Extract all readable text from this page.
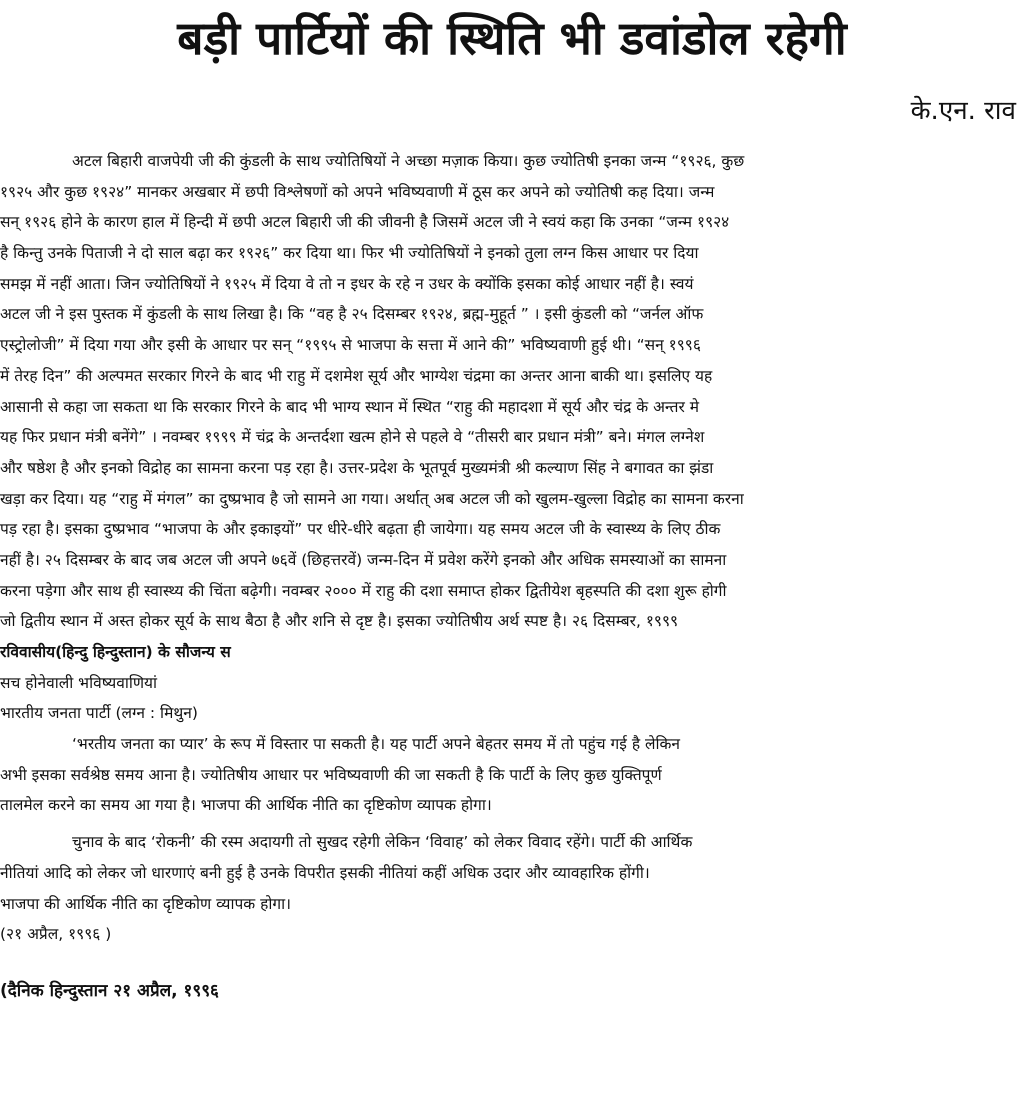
बड़ी पार्टियों की स्थिति भी डवांडोल रहेगी
के.एन. राव
अटल बिहारी वाजपेयी जी की कुंडली के साथ ज्योतिषियों ने अच्छा मज़ाक किया। कुछ ज्योतिषी इनका जन्म “१९२६, कुछ
१९२५ और कुछ १९२४” मानकर अखबार में छपी विश्लेषणों को अपने भविष्यवाणी में ठूस कर अपने को ज्योतिषी कह दिया। जन्म
सन् १९२६ होने के कारण हाल में हिन्दी में छपी अटल बिहारी जी की जीवनी है जिसमें अटल जी ने स्वयं कहा कि उनका “जन्म १९२४
है किन्तु उनके पिताजी ने दो साल बढ़ा कर १९२६” कर दिया था। फिर भी ज्योतिषियों ने इनको तुला लग्न किस आधार पर दिया
समझ में नहीं आता। जिन ज्योतिषियों ने १९२५ में दिया वे तो न इधर के रहे न उधर के क्योंकि इसका कोई आधार नहीं है। स्वयं
अटल जी ने इस पुस्तक में कुंडली के साथ लिखा है। कि “वह है २५ दिसम्बर १९२४, ब्रह्म-मुहूर्त ” । इसी कुंडली को “जर्नल ऑफ
एस्ट्रोलोजी” में दिया गया और इसी के आधार पर सन् “१९९५ से भाजपा के सत्ता में आने की” भविष्यवाणी हुई थी। “सन् १९९६
में तेरह दिन” की अल्पमत सरकार गिरने के बाद भी राहु में दशमेश सूर्य और भाग्येश चंद्रमा का अन्तर आना बाकी था। इसलिए यह
आसानी से कहा जा सकता था कि सरकार गिरने के बाद भी भाग्य स्थान में स्थित “राहु की महादशा में सूर्य और चंद्र के अन्तर मे
यह फिर प्रधान मंत्री बनेंगे” । नवम्बर १९९९ में चंद्र के अन्तर्दशा खत्म होने से पहले वे “तीसरी बार प्रधान मंत्री” बने। मंगल लग्नेश
और षष्ठेश है और इनको विद्रोह का सामना करना पड़ रहा है। उत्तर-प्रदेश के भूतपूर्व मुख्यमंत्री श्री कल्याण सिंह ने बगावत का झंडा
खड़ा कर दिया। यह “राहु में मंगल” का दुष्प्रभाव है जो सामने आ गया। अर्थात् अब अटल जी को खुलम-खुल्ला विद्रोह का सामना करना
पड़ रहा है। इसका दुष्प्रभाव “भाजपा के और इकाइयों” पर धीरे-धीरे बढ़ता ही जायेगा। यह समय अटल जी के स्वास्थ्य के लिए ठीक
नहीं है। २५ दिसम्बर के बाद जब अटल जी अपने ७६वें (छिहत्तरवें) जन्म-दिन में प्रवेश करेंगे इनको और अधिक समस्याओं का सामना
करना पड़ेगा और साथ ही स्वास्थ्य की चिंता बढ़ेगी। नवम्बर २००० में राहु की दशा समाप्त होकर द्वितीयेश बृहस्पति की दशा शुरू होगी
जो द्वितीय स्थान में अस्त होकर सूर्य के साथ बैठा है और शनि से दृष्ट है। इसका ज्योतिषीय अर्थ स्पष्ट है। २६ दिसम्बर, १९९९
रविवासीय(हिन्दु हिन्दुस्तान) के सौजन्य स
सच होनेवाली भविष्यवाणियां
भारतीय जनता पार्टी (लग्न : मिथुन)
‘भरतीय जनता का प्यार’ के रूप में विस्तार पा सकती है। यह पार्टी अपने बेहतर समय में तो पहुंच गई है लेकिन
अभी इसका सर्वश्रेष्ठ समय आना है। ज्योतिषीय आधार पर भविष्यवाणी की जा सकती है कि पार्टी के लिए कुछ युक्तिपूर्ण
तालमेल करने का समय आ गया है। भाजपा की आर्थिक नीति का दृष्टिकोण व्यापक होगा।
चुनाव के बाद ‘रोकनी’ की रस्म अदायगी तो सुखद रहेगी लेकिन ‘विवाह’ को लेकर विवाद रहेंगे। पार्टी की आर्थिक
नीतियां आदि को लेकर जो धारणाएं बनी हुई है उनके विपरीत इसकी नीतियां कहीं अधिक उदार और व्यावहारिक होंगी।
भाजपा की आर्थिक नीति का दृष्टिकोण व्यापक होगा।
(२१ अप्रैल, १९९६ )
(दैनिक हिन्दुस्तान २१ अप्रैल, १९९६
